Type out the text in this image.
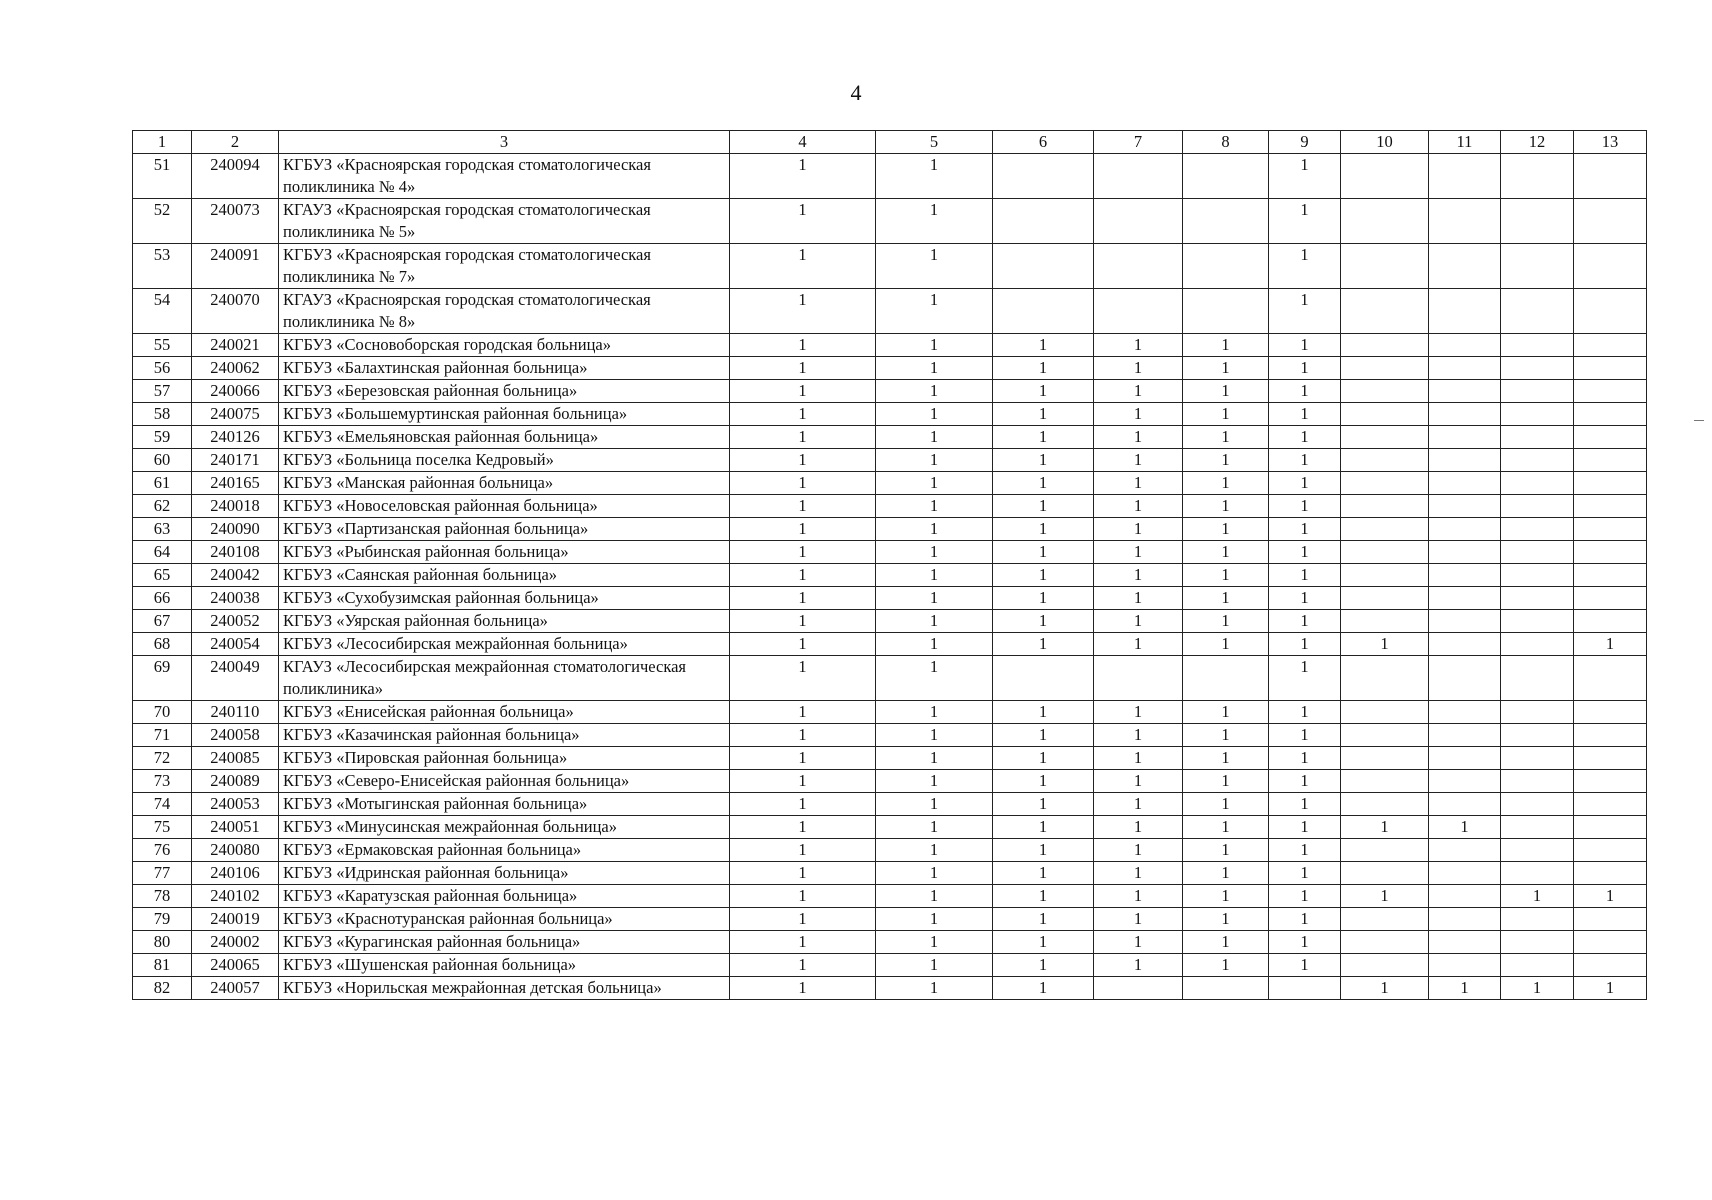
4
1	2	3	4	5	6	7	8	9	10	11	12	13
51	240094	КГБУЗ «Красноярская городская стоматологическая поликлиника № 4»	1	1				1				
52	240073	КГАУЗ «Красноярская городская стоматологическая поликлиника № 5»	1	1				1				
53	240091	КГБУЗ «Красноярская городская стоматологическая поликлиника № 7»	1	1				1				
54	240070	КГАУЗ «Красноярская городская стоматологическая поликлиника № 8»	1	1				1				
55	240021	КГБУЗ «Сосновоборская городская больница»	1	1	1	1	1	1				
56	240062	КГБУЗ «Балахтинская районная больница»	1	1	1	1	1	1				
57	240066	КГБУЗ «Березовская районная больница»	1	1	1	1	1	1				
58	240075	КГБУЗ «Большемуртинская районная больница»	1	1	1	1	1	1				
59	240126	КГБУЗ «Емельяновская районная больница»	1	1	1	1	1	1				
60	240171	КГБУЗ «Больница поселка Кедровый»	1	1	1	1	1	1				
61	240165	КГБУЗ «Манская районная больница»	1	1	1	1	1	1				
62	240018	КГБУЗ «Новоселовская районная больница»	1	1	1	1	1	1				
63	240090	КГБУЗ «Партизанская районная больница»	1	1	1	1	1	1				
64	240108	КГБУЗ «Рыбинская районная больница»	1	1	1	1	1	1				
65	240042	КГБУЗ «Саянская районная больница»	1	1	1	1	1	1				
66	240038	КГБУЗ «Сухобузимская районная больница»	1	1	1	1	1	1				
67	240052	КГБУЗ «Уярская районная больница»	1	1	1	1	1	1				
68	240054	КГБУЗ «Лесосибирская межрайонная больница»	1	1	1	1	1	1	1			1
69	240049	КГАУЗ «Лесосибирская межрайонная стоматологическая поликлиника»	1	1				1				
70	240110	КГБУЗ «Енисейская районная больница»	1	1	1	1	1	1				
71	240058	КГБУЗ «Казачинская районная больница»	1	1	1	1	1	1				
72	240085	КГБУЗ «Пировская районная больница»	1	1	1	1	1	1				
73	240089	КГБУЗ «Северо-Енисейская районная больница»	1	1	1	1	1	1				
74	240053	КГБУЗ «Мотыгинская районная больница»	1	1	1	1	1	1				
75	240051	КГБУЗ «Минусинская межрайонная больница»	1	1	1	1	1	1	1	1		
76	240080	КГБУЗ «Ермаковская районная больница»	1	1	1	1	1	1				
77	240106	КГБУЗ «Идринская районная больница»	1	1	1	1	1	1				
78	240102	КГБУЗ «Каратузская районная больница»	1	1	1	1	1	1	1		1	1
79	240019	КГБУЗ «Краснотуранская районная больница»	1	1	1	1	1	1				
80	240002	КГБУЗ «Курагинская районная больница»	1	1	1	1	1	1				
81	240065	КГБУЗ «Шушенская районная больница»	1	1	1	1	1	1				
82	240057	КГБУЗ «Норильская межрайонная детская больница»	1	1	1				1	1	1	1
